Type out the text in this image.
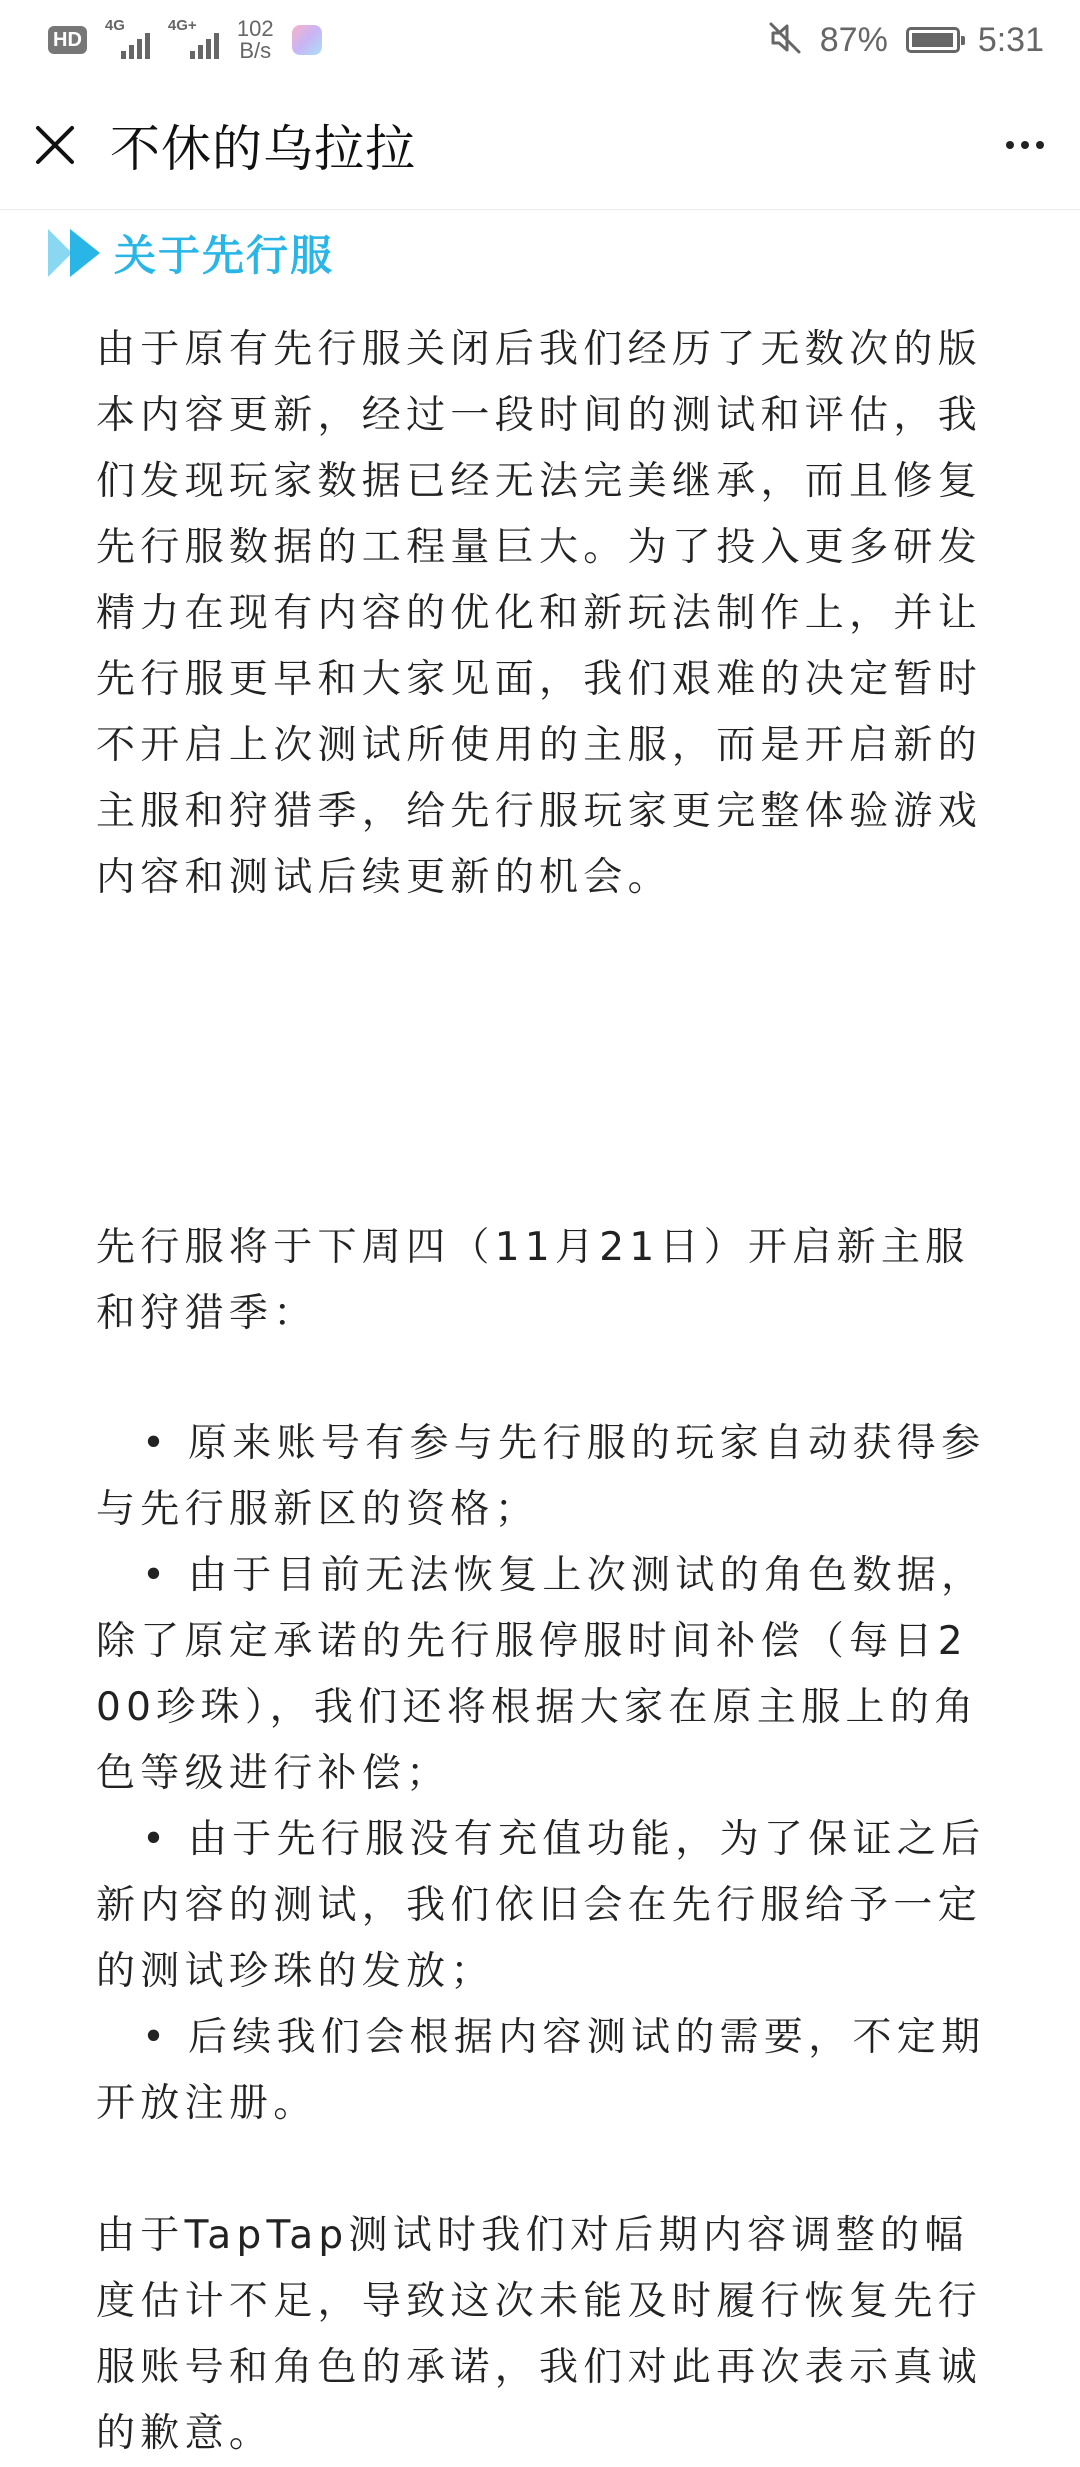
HD
4G	4G+ 102
B/s	87%	5:31
不休的乌拉拉
关于先行服

由于原有先行服关闭后我们经历了无数次的版本内容更新，经过一段时间的测试和评估，我们发现玩家数据已经无法完美继承，而且修复先行服数据的工程量巨大。为了投入更多研发精力在现有内容的优化和新玩法制作上，并让先行服更早和大家见面，我们艰难的决定暂时不开启上次测试所使用的主服，而是开启新的主服和狩猎季，给先行服玩家更完整体验游戏内容和测试后续更新的机会。

先行服将于下周四（11月21日）开启新主服和狩猎季：

• 原来账号有参与先行服的玩家自动获得参与先行服新区的资格；

• 由于目前无法恢复上次测试的角色数据，除了原定承诺的先行服停服时间补偿（每日200珍珠），我们还将根据大家在原主服上的角色等级进行补偿；

• 由于先行服没有充值功能，为了保证之后新内容的测试，我们依旧会在先行服给予一定的测试珍珠的发放；

• 后续我们会根据内容测试的需要，不定期开放注册。

由于TapTap测试时我们对后期内容调整的幅度估计不足，导致这次未能及时履行恢复先行服账号和角色的承诺，我们对此再次表示真诚的歉意。
